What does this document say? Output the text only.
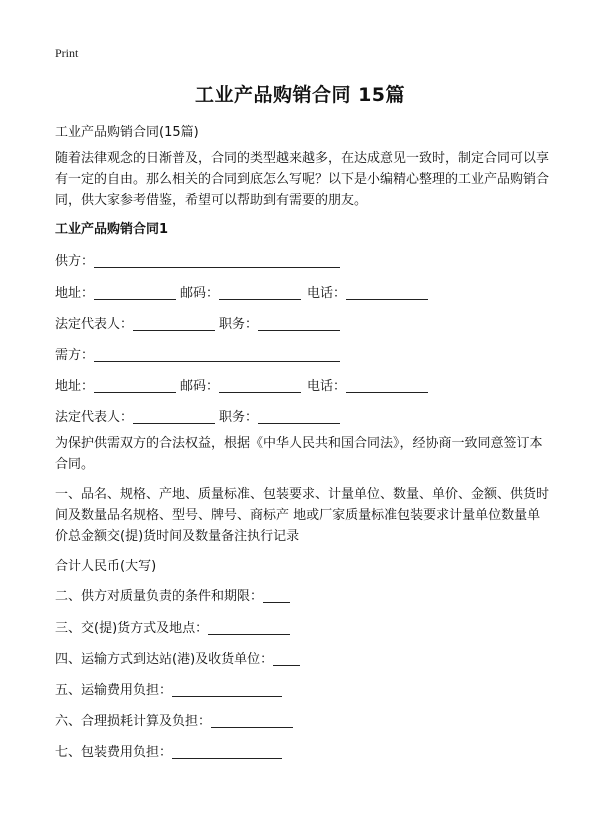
Print
工业产品购销合同 15篇
工业产品购销合同(15篇)
随着法律观念的日渐普及，合同的类型越来越多，在达成意见一致时，制定合同可以享有一定的自由。那么相关的合同到底怎么写呢？以下是小编精心整理的工业产品购销合同，供大家参考借鉴，希望可以帮助到有需要的朋友。
工业产品购销合同1
供方：
地址：	邮码：	电话：
法定代表人：	职务：
需方：
地址：	邮码：	电话：
法定代表人：	职务：
为保护供需双方的合法权益，根据《中华人民共和国合同法》，经协商一致同意签订本合同。
一、品名、规格、产地、质量标准、包装要求、计量单位、数量、单价、金额、供货时间及数量品名规格、型号、牌号、商标产 地或厂家质量标准包装要求计量单位数量单价总金额交(提)货时间及数量备注执行记录
合计人民币(大写)
二、供方对质量负责的条件和期限：
三、交(提)货方式及地点：
四、运输方式到达站(港)及收货单位：
五、运输费用负担：
六、合理损耗计算及负担：
七、包装费用负担：
